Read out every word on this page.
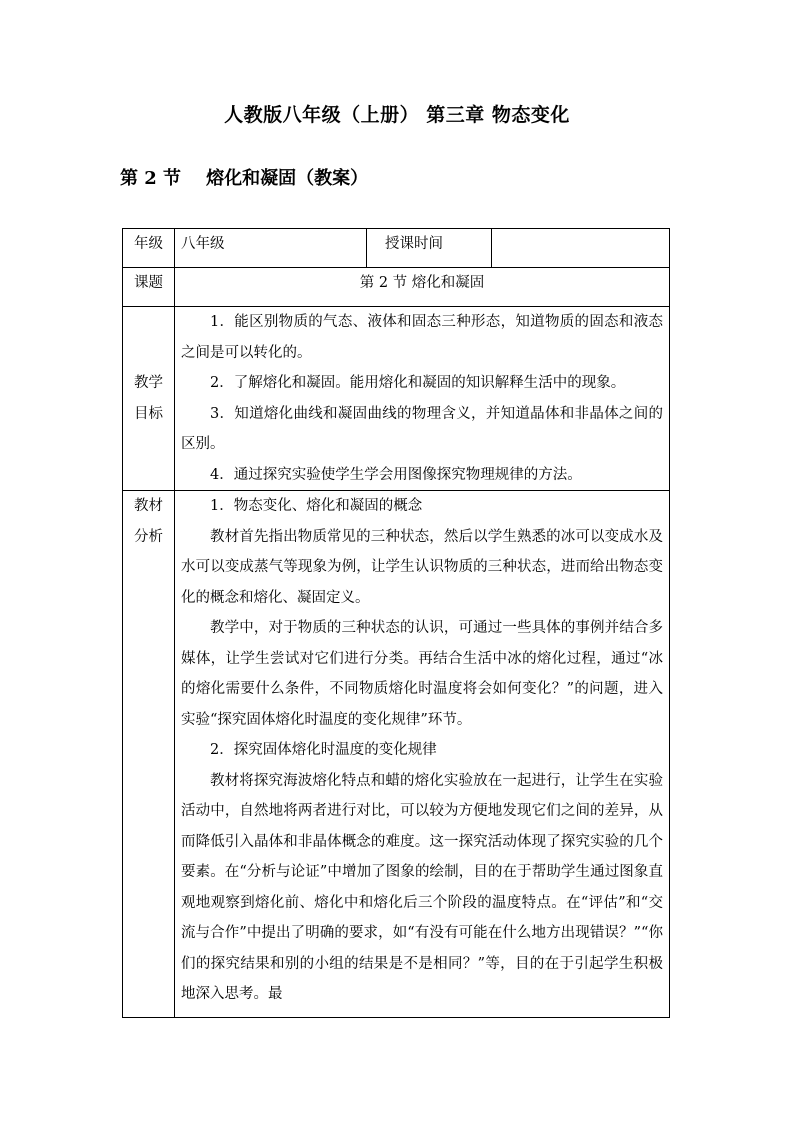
人教版八年级（上册） 第三章 物态变化
第 2 节    熔化和凝固（教案）
年级	八年级	授课时间	
课题	第 2 节 熔化和凝固		

教学
目标	1．能区别物质的气态、液体和固态三种形态，知道物质的固态和液态之间是可以转化的。
2．了解熔化和凝固。能用熔化和凝固的知识解释生活中的现象。
3．知道熔化曲线和凝固曲线的物理含义，并知道晶体和非晶体之间的区别。
4．通过探究实验使学生学会用图像探究物理规律的方法。		

教材
分析	1．物态变化、熔化和凝固的概念
教材首先指出物质常见的三种状态，然后以学生熟悉的冰可以变成水及水可以变成蒸气等现象为例，让学生认识物质的三种状态，进而给出物态变化的概念和熔化、凝固定义。
教学中，对于物质的三种状态的认识，可通过一些具体的事例并结合多媒体，让学生尝试对它们进行分类。再结合生活中冰的熔化过程，通过“冰的熔化需要什么条件，不同物质熔化时温度将会如何变化？”的问题，进入实验“探究固体熔化时温度的变化规律”环节。
2．探究固体熔化时温度的变化规律
教材将探究海波熔化特点和蜡的熔化实验放在一起进行，让学生在实验活动中，自然地将两者进行对比，可以较为方便地发现它们之间的差异，从而降低引入晶体和非晶体概念的难度。这一探究活动体现了探究实验的几个要素。在“分析与论证”中增加了图象的绘制，目的在于帮助学生通过图象直观地观察到熔化前、熔化中和熔化后三个阶段的温度特点。在“评估”和“交流与合作”中提出了明确的要求，如“有没有可能在什么地方出现错误？”“你们的探究结果和别的小组的结果是不是相同？”等，目的在于引起学生积极地深入思考。最		
